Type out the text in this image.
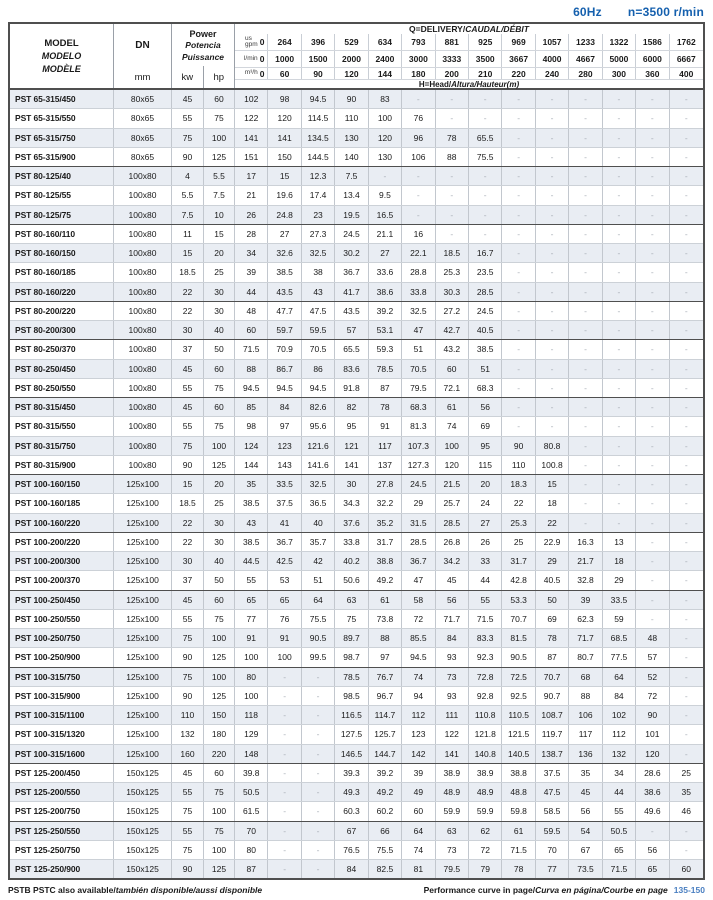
60Hz n=3500 r/min
MODEL
MODELO
MODÈLE
DN
mm
Power
Potencia
Puissance
kw	hp
Q=DELIVERY/ CAUDAL/DÉBIT
us
gpm 0	264	396	529	634	793	881	925	969	1057	1233	1322	1586	1762
l/min 0	1000	1500	2000	2400	3000	3333	3500	3667	4000	4667	5000	6000	6667
m³/h 0	60	90	120	144	180	200	210	220	240	280	300	360	400
H=Head/ Altura/Hauteur(m)
PST 65-315/450	80x65	45	60	102	98	94.5	90	83	-	-	-	-	-	-	-	-	-
PST 65-315/550	80x65	55	75	122	120	114.5	110	100	76	-	-	-	-	-	-	-	-
PST 65-315/750	80x65	75	100	141	141	134.5	130	120	96	78	65.5	-	-	-	-	-	-
PST 65-315/900	80x65	90	125	151	150	144.5	140	130	106	88	75.5	-	-	-	-	-	-
PST 80-125/40	100x80	4	5.5	17	15	12.3	7.5	-	-	-	-	-	-	-	-	-	-
PST 80-125/55	100x80	5.5	7.5	21	19.6	17.4	13.4	9.5	-	-	-	-	-	-	-	-	-
PST 80-125/75	100x80	7.5	10	26	24.8	23	19.5	16.5	-	-	-	-	-	-	-	-	-
PST 80-160/110	100x80	11	15	28	27	27.3	24.5	21.1	16	-	-	-	-	-	-	-	-
PST 80-160/150	100x80	15	20	34	32.6	32.5	30.2	27	22.1	18.5	16.7	-	-	-	-	-	-
PST 80-160/185	100x80	18.5	25	39	38.5	38	36.7	33.6	28.8	25.3	23.5	-	-	-	-	-	-
PST 80-160/220	100x80	22	30	44	43.5	43	41.7	38.6	33.8	30.3	28.5	-	-	-	-	-	-
PST 80-200/220	100x80	22	30	48	47.7	47.5	43.5	39.2	32.5	27.2	24.5	-	-	-	-	-	-
PST 80-200/300	100x80	30	40	60	59.7	59.5	57	53.1	47	42.7	40.5	-	-	-	-	-	-
PST 80-250/370	100x80	37	50	71.5	70.9	70.5	65.5	59.3	51	43.2	38.5	-	-	-	-	-	-
PST 80-250/450	100x80	45	60	88	86.7	86	83.6	78.5	70.5	60	51	-	-	-	-	-	-
PST 80-250/550	100x80	55	75	94.5	94.5	94.5	91.8	87	79.5	72.1	68.3	-	-	-	-	-	-
PST 80-315/450	100x80	45	60	85	84	82.6	82	78	68.3	61	56	-	-	-	-	-	-
PST 80-315/550	100x80	55	75	98	97	95.6	95	91	81.3	74	69	-	-	-	-	-	-
PST 80-315/750	100x80	75	100	124	123	121.6	121	117	107.3	100	95	90	80.8	-	-	-	-
PST 80-315/900	100x80	90	125	144	143	141.6	141	137	127.3	120	115	110	100.8	-	-	-	-
PST 100-160/150	125x100	15	20	35	33.5	32.5	30	27.8	24.5	21.5	20	18.3	15	-	-	-	-
PST 100-160/185	125x100	18.5	25	38.5	37.5	36.5	34.3	32.2	29	25.7	24	22	18	-	-	-	-
PST 100-160/220	125x100	22	30	43	41	40	37.6	35.2	31.5	28.5	27	25.3	22	-	-	-	-
PST 100-200/220	125x100	22	30	38.5	36.7	35.7	33.8	31.7	28.5	26.8	26	25	22.9	16.3	13	-	-
PST 100-200/300	125x100	30	40	44.5	42.5	42	40.2	38.8	36.7	34.2	33	31.7	29	21.7	18	-	-
PST 100-200/370	125x100	37	50	55	53	51	50.6	49.2	47	45	44	42.8	40.5	32.8	29	-	-
PST 100-250/450	125x100	45	60	65	65	64	63	61	58	56	55	53.3	50	39	33.5	-	-
PST 100-250/550	125x100	55	75	77	76	75.5	75	73.8	72	71.7	71.5	70.7	69	62.3	59	-	-
PST 100-250/750	125x100	75	100	91	91	90.5	89.7	88	85.5	84	83.3	81.5	78	71.7	68.5	48	-
PST 100-250/900	125x100	90	125	100	100	99.5	98.7	97	94.5	93	92.3	90.5	87	80.7	77.5	57	-
PST 100-315/750	125x100	75	100	80	-	-	78.5	76.7	74	73	72.8	72.5	70.7	68	64	52	-
PST 100-315/900	125x100	90	125	100	-	-	98.5	96.7	94	93	92.8	92.5	90.7	88	84	72	-
PST 100-315/1100	125x100	110	150	118	-	-	116.5	114.7	112	111	110.8	110.5	108.7	106	102	90	-
PST 100-315/1320	125x100	132	180	129	-	-	127.5	125.7	123	122	121.8	121.5	119.7	117	112	101	-
PST 100-315/1600	125x100	160	220	148	-	-	146.5	144.7	142	141	140.8	140.5	138.7	136	132	120	-
PST 125-200/450	150x125	45	60	39.8	-	-	39.3	39.2	39	38.9	38.9	38.8	37.5	35	34	28.6	25
PST 125-200/550	150x125	55	75	50.5	-	-	49.3	49.2	49	48.9	48.9	48.8	47.5	45	44	38.6	35
PST 125-200/750	150x125	75	100	61.5	-	-	60.3	60.2	60	59.9	59.9	59.8	58.5	56	55	49.6	46
PST 125-250/550	150x125	55	75	70	-	-	67	66	64	63	62	61	59.5	54	50.5	-	-
PST 125-250/750	150x125	75	100	80	-	-	76.5	75.5	74	73	72	71.5	70	67	65	56	-
PST 125-250/900	150x125	90	125	87	-	-	84	82.5	81	79.5	79	78	77	73.5	71.5	65	60
PSTB PSTC also available/también disponible/aussi disponible	Performance curve in page/Curva en página/Courbe en page 135-150
